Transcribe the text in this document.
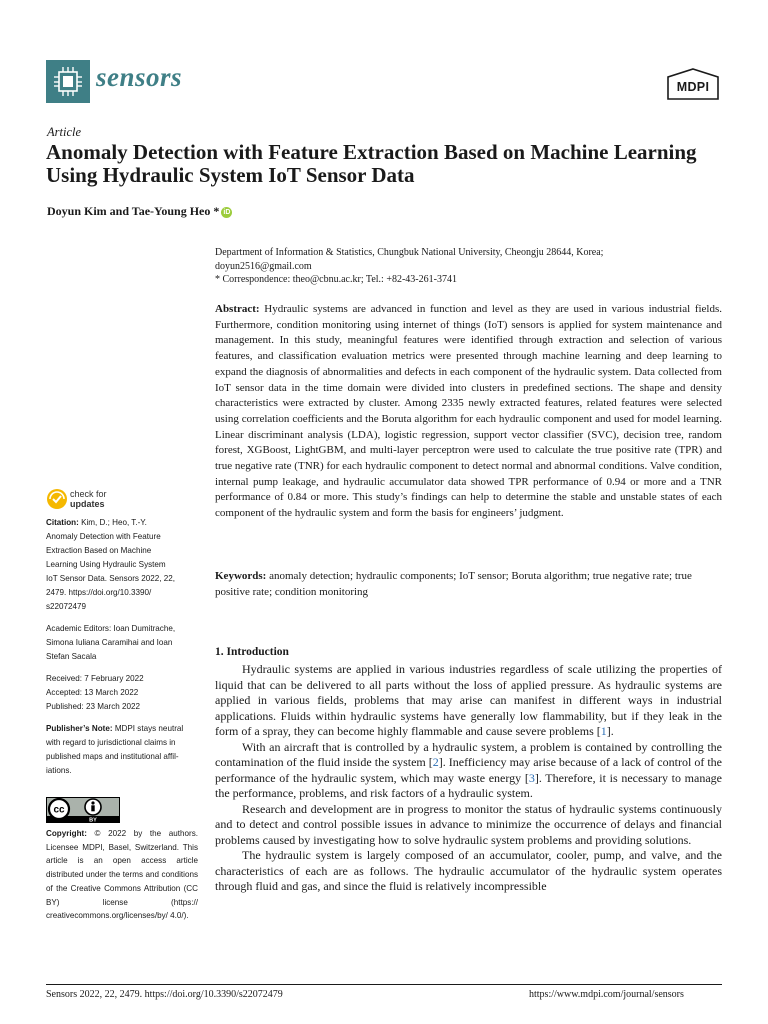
sensors	MDPI
Article
Anomaly Detection with Feature Extraction Based on Machine Learning Using Hydraulic System IoT Sensor Data
Doyun Kim and Tae-Young Heo * iD
Department of Information & Statistics, Chungbuk National University, Cheongju 28644, Korea;
doyun2516@gmail.com
* Correspondence: theo@cbnu.ac.kr; Tel.: +82-43-261-3741
Abstract: Hydraulic systems are advanced in function and level as they are used in various industrial fields. Furthermore, condition monitoring using internet of things (IoT) sensors is applied for system maintenance and management. In this study, meaningful features were identified through extraction and selection of various features, and classification evaluation metrics were presented through machine learning and deep learning to expand the diagnosis of abnormalities and defects in each component of the hydraulic system. Data collected from IoT sensor data in the time domain were divided into clusters in predefined sections. The shape and density characteristics were extracted by cluster. Among 2335 newly extracted features, related features were selected using correlation coefficients and the Boruta algorithm for each hydraulic component and used for model learning. Linear discriminant analysis (LDA), logistic regression, support vector classifier (SVC), decision tree, random forest, XGBoost, LightGBM, and multi-layer perceptron were used to calculate the true positive rate (TPR) and true negative rate (TNR) for each hydraulic component to detect normal and abnormal conditions. Valve condition, internal pump leakage, and hydraulic accumulator data showed TPR performance of 0.94 or more and a TNR performance of 0.84 or more. This study’s findings can help to determine the stable and unstable states of each component of the hydraulic system and form the basis for engineers’ judgment.
Keywords: anomaly detection; hydraulic components; IoT sensor; Boruta algorithm; true negative rate; true positive rate; condition monitoring
1. Introduction

Hydraulic systems are applied in various industries regardless of scale utilizing the properties of liquid that can be delivered to all parts without the loss of applied pressure. As hydraulic systems are applied in various fields, problems that may arise can manifest in different ways in industrial applications. Fluids within hydraulic systems have generally low flammability, but if they leak in the form of a spray, they can become highly flammable and cause severe problems [1].

With an aircraft that is controlled by a hydraulic system, a problem is contained by controlling the contamination of the fluid inside the system [2]. Inefficiency may arise because of a lack of control of the performance of the hydraulic system, which may waste energy [3]. Therefore, it is necessary to manage the performance, problems, and risk factors of a hydraulic system.

Research and development are in progress to monitor the status of hydraulic systems continuously and to detect and control possible issues in advance to minimize the occurrence of delays and financial problems caused by investigating how to solve hydraulic system problems and providing solutions.

The hydraulic system is largely composed of an accumulator, cooler, pump, and valve, and the characteristics of each are as follows. The hydraulic accumulator of the hydraulic system operates through fluid and gas, and since the fluid is relatively incompressible

check for
updates
Citation: Kim, D.; Heo, T.-Y.
Anomaly Detection with Feature
Extraction Based on Machine
Learning Using Hydraulic System
IoT Sensor Data. Sensors 2022, 22,
2479. https://doi.org/10.3390/
s22072479
Academic Editors: Ioan Dumitrache,
Simona Iuliana Caramihai and Ioan
Stefan Sacala
Received: 7 February 2022
Accepted: 13 March 2022
Published: 23 March 2022
Publisher’s Note: MDPI stays neutral
with regard to jurisdictional claims in
published maps and institutional affil-
iations.
cc
BY
Copyright: © 2022 by the authors. Licensee MDPI, Basel, Switzerland. This article is an open access article distributed under the terms and conditions of the Creative Commons Attribution (CC BY) license (https:// creativecommons.org/licenses/by/ 4.0/).
Sensors 2022, 22, 2479. https://doi.org/10.3390/s22072479	https://www.mdpi.com/journal/sensors
